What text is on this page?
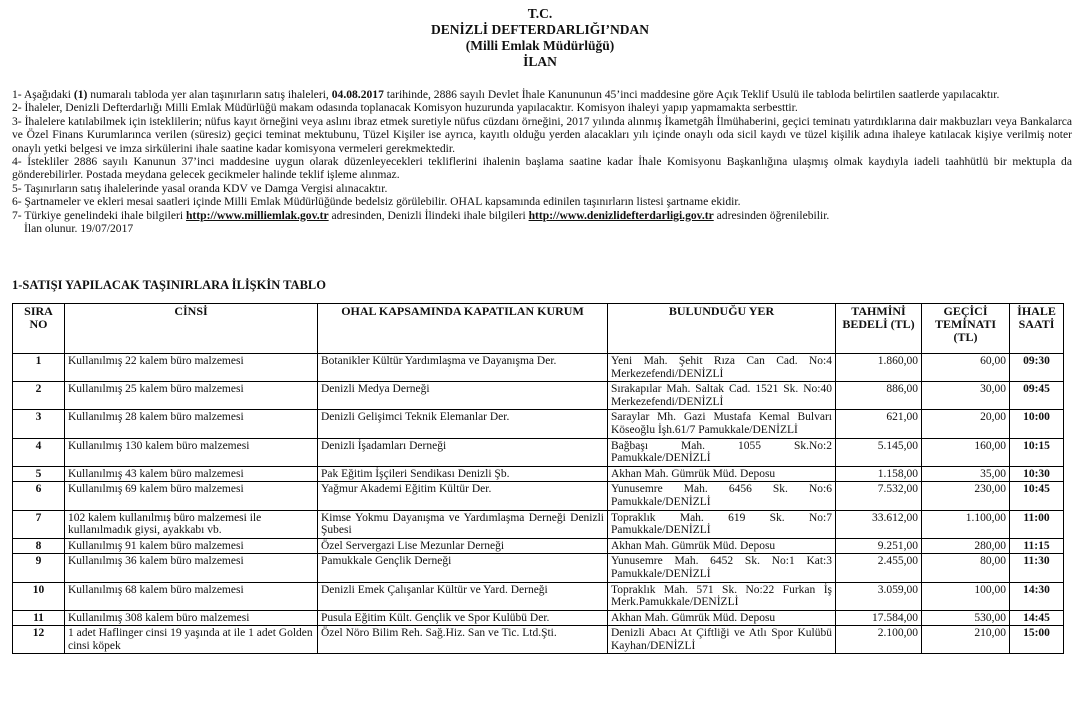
T.C.
DENİZLİ DEFTERDARLIĞI’NDAN
(Milli Emlak Müdürlüğü)
İLAN

1- Aşağıdaki (1) numaralı tabloda yer alan taşınırların satış ihaleleri, 04.08.2017 tarihinde, 2886 sayılı Devlet İhale Kanununun 45’inci maddesine göre Açık Teklif Usulü ile tabloda belirtilen saatlerde yapılacaktır.

2- İhaleler, Denizli Defterdarlığı Milli Emlak Müdürlüğü makam odasında toplanacak Komisyon huzurunda yapılacaktır. Komisyon ihaleyi yapıp yapmamakta serbesttir.

3- İhalelere katılabilmek için isteklilerin; nüfus kayıt örneğini veya aslını ibraz etmek suretiyle nüfus cüzdanı örneğini, 2017 yılında alınmış İkametgâh İlmühaberini, geçici teminatı yatırdıklarına dair makbuzları veya Bankalarca ve Özel Finans Kurumlarınca verilen (süresiz) geçici teminat mektubunu, Tüzel Kişiler ise ayrıca, kayıtlı olduğu yerden alacakları yılı içinde onaylı oda sicil kaydı ve tüzel kişilik adına ihaleye katılacak kişiye verilmiş noter onaylı yetki belgesi ve imza sirkülerini ihale saatine kadar komisyona vermeleri gerekmektedir.

4- İstekliler 2886 sayılı Kanunun 37’inci maddesine uygun olarak düzenleyecekleri tekliflerini ihalenin başlama saatine kadar İhale Komisyonu Başkanlığına ulaşmış olmak kaydıyla iadeli taahhütlü bir mektupla da gönderebilirler. Postada meydana gelecek gecikmeler halinde teklif işleme alınmaz.

5- Taşınırların satış ihalelerinde yasal oranda KDV ve Damga Vergisi alınacaktır.

6- Şartnameler ve ekleri mesai saatleri içinde Milli Emlak Müdürlüğünde bedelsiz görülebilir. OHAL kapsamında edinilen taşınırların listesi şartname ekidir.

7- Türkiye genelindeki ihale bilgileri http://www.milliemlak.gov.tr adresinden, Denizli İlindeki ihale bilgileri http://www.denizlidefterdarligi.gov.tr adresinden öğrenilebilir.

İlan olunur. 19/07/2017

1-SATIŞI YAPILACAK TAŞINIRLARA İLİŞKİN TABLO
SIRA NO	CİNSİ	OHAL KAPSAMINDA KAPATILAN KURUM	BULUNDUĞU YER	TAHMİNİ BEDELİ (TL)	GEÇİCİ TEMİNATI (TL)	İHALE SAATİ
1	Kullanılmış 22 kalem büro malzemesi	Botanikler Kültür Yardımlaşma ve Dayanışma Der.	Yeni Mah. Şehit Rıza Can Cad. No:4 Merkezefendi/DENİZLİ	1.860,00	60,00	09:30
2	Kullanılmış 25 kalem büro malzemesi	Denizli Medya Derneği	Sırakapılar Mah. Saltak Cad. 1521 Sk. No:40 Merkezefendi/DENİZLİ	886,00	30,00	09:45
3	Kullanılmış 28 kalem büro malzemesi	Denizli Gelişimci Teknik Elemanlar Der.	Saraylar Mh. Gazi Mustafa Kemal Bulvarı Köseoğlu İşh.61/7 Pamukkale/DENİZLİ	621,00	20,00	10:00
4	Kullanılmış 130 kalem büro malzemesi	Denizli İşadamları Derneği	Bağbaşı Mah. 1055 Sk.No:2 Pamukkale/DENİZLİ	5.145,00	160,00	10:15
5	Kullanılmış 43 kalem büro malzemesi	Pak Eğitim İşçileri Sendikası Denizli Şb.	Akhan Mah. Gümrük Müd. Deposu	1.158,00	35,00	10:30
6	Kullanılmış 69 kalem büro malzemesi	Yağmur Akademi Eğitim Kültür Der.	Yunusemre Mah. 6456 Sk. No:6 Pamukkale/DENİZLİ	7.532,00	230,00	10:45
7	102 kalem kullanılmış büro malzemesi ile kullanılmadık giysi, ayakkabı vb.	Kimse Yokmu Dayanışma ve Yardımlaşma Derneği Denizli Şubesi	Topraklık Mah. 619 Sk. No:7 Pamukkale/DENİZLİ	33.612,00	1.100,00	11:00
8	Kullanılmış 91 kalem büro malzemesi	Özel Servergazi Lise Mezunlar Derneği	Akhan Mah. Gümrük Müd. Deposu	9.251,00	280,00	11:15
9	Kullanılmış 36 kalem büro malzemesi	Pamukkale Gençlik Derneği	Yunusemre Mah. 6452 Sk. No:1 Kat:3 Pamukkale/DENİZLİ	2.455,00	80,00	11:30
10	Kullanılmış 68 kalem büro malzemesi	Denizli Emek Çalışanlar Kültür ve Yard. Derneği	Topraklık Mah. 571 Sk. No:22 Furkan İş Merk.Pamukkale/DENİZLİ	3.059,00	100,00	14:30
11	Kullanılmış 308 kalem büro malzemesi	Pusula Eğitim Kült. Gençlik ve Spor Kulübü Der.	Akhan Mah. Gümrük Müd. Deposu	17.584,00	530,00	14:45
12	1 adet Haflinger cinsi 19 yaşında at ile 1 adet Golden cinsi köpek	Özel Nöro Bilim Reh. Sağ.Hiz. San ve Tic. Ltd.Şti.	Denizli Abacı At Çiftliği ve Atlı Spor Kulübü Kayhan/DENİZLİ	2.100,00	210,00	15:00
